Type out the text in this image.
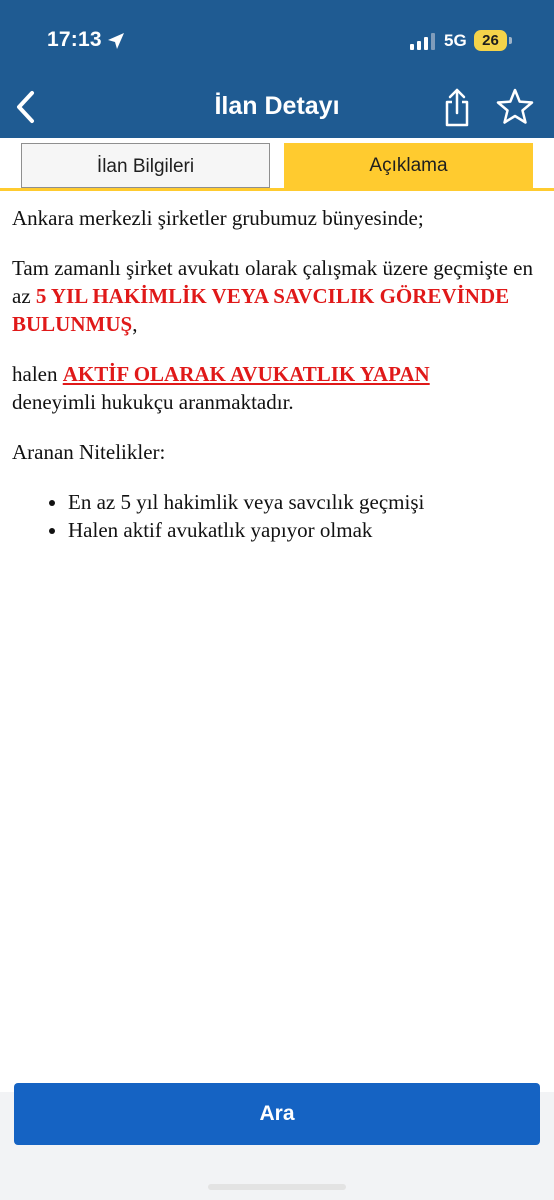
17:13	5G	26
İlan Detayı
İlan Bilgileri	Açıklama

Ankara merkezli şirketler grubumuz bünyesinde;

Tam zamanlı şirket avukatı olarak çalışmak üzere geçmişte en az 5 YIL HAKİMLİK VEYA SAVCILIK GÖREVİNDE BULUNMUŞ,

halen AKTİF OLARAK AVUKATLIK YAPAN
deneyimli hukukçu aranmaktadır.

Aranan Nitelikler:

• En az 5 yıl hakimlik veya savcılık geçmişi
• Halen aktif avukatlık yapıyor olmak
Ara
